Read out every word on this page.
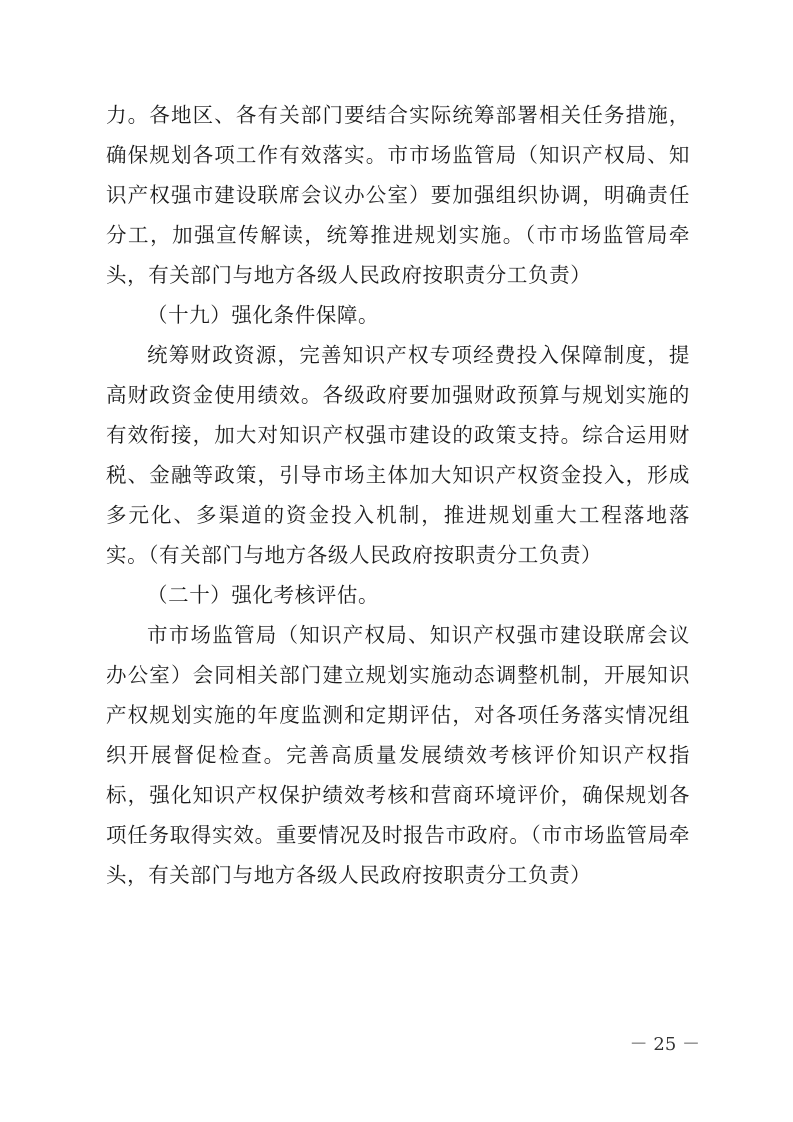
力。各地区、各有关部门要结合实际统筹部署相关任务措施，确保规划各项工作有效落实。市市场监管局（知识产权局、知识产权强市建设联席会议办公室）要加强组织协调，明确责任分工，加强宣传解读，统筹推进规划实施。（市市场监管局牵头，有关部门与地方各级人民政府按职责分工负责）

（十九）强化条件保障。

统筹财政资源，完善知识产权专项经费投入保障制度，提高财政资金使用绩效。各级政府要加强财政预算与规划实施的有效衔接，加大对知识产权强市建设的政策支持。综合运用财税、金融等政策，引导市场主体加大知识产权资金投入，形成多元化、多渠道的资金投入机制，推进规划重大工程落地落实。（有关部门与地方各级人民政府按职责分工负责）

（二十）强化考核评估。

市市场监管局（知识产权局、知识产权强市建设联席会议办公室）会同相关部门建立规划实施动态调整机制，开展知识产权规划实施的年度监测和定期评估，对各项任务落实情况组织开展督促检查。完善高质量发展绩效考核评价知识产权指标，强化知识产权保护绩效考核和营商环境评价，确保规划各项任务取得实效。重要情况及时报告市政府。（市市场监管局牵头，有关部门与地方各级人民政府按职责分工负责）

－ 25 －
